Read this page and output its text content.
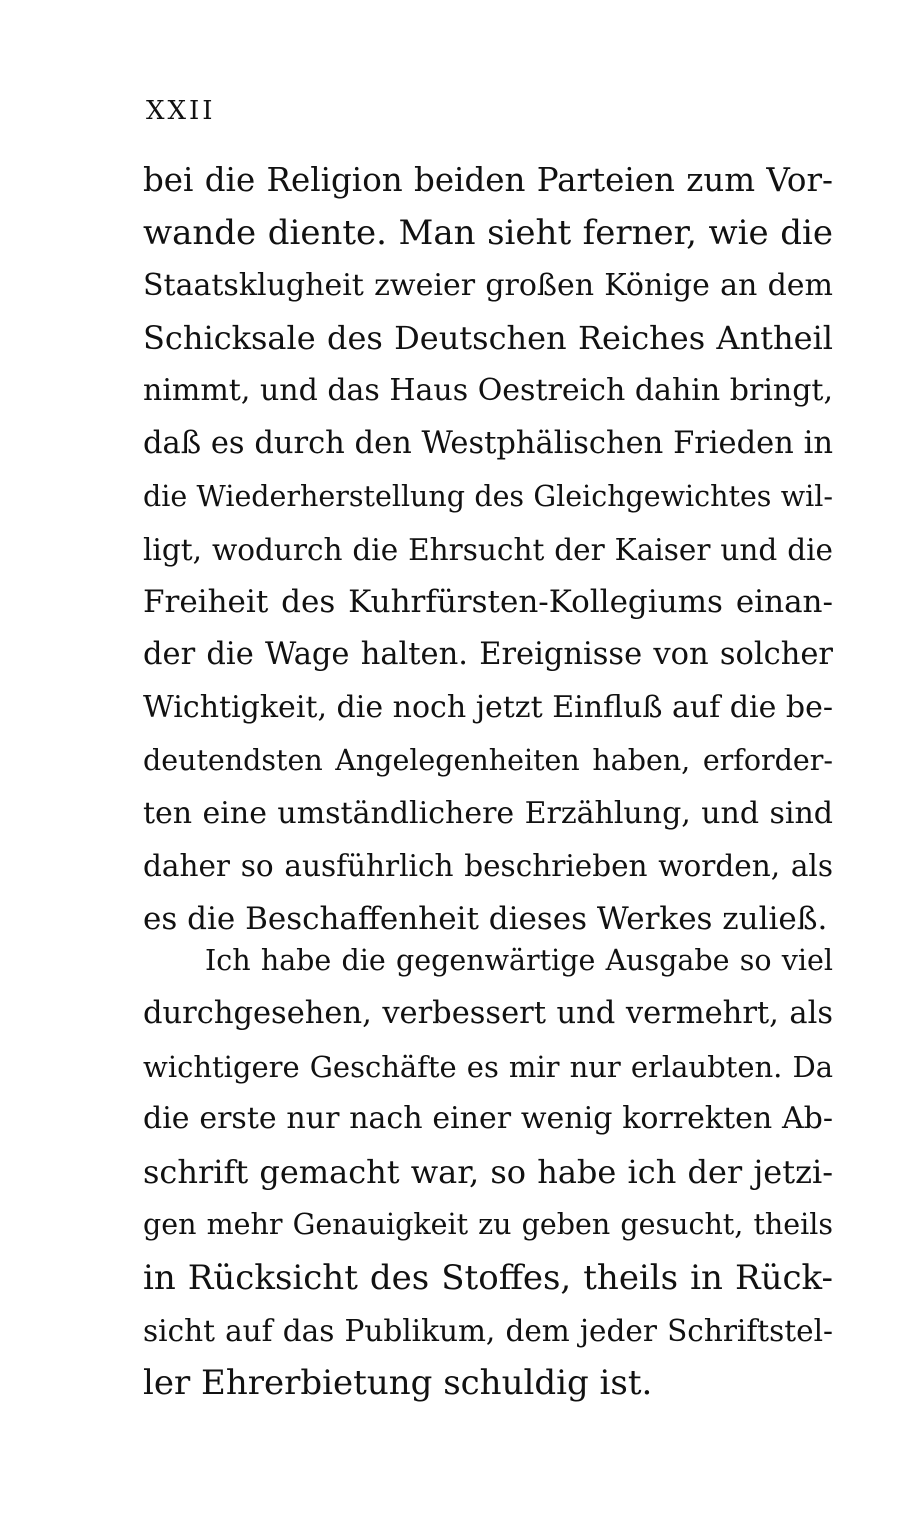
XXII
bei die Religion beiden Parteien zum Vor-
wande diente. Man sieht ferner, wie die
Staatsklugheit zweier großen Könige an dem
Schicksale des Deutschen Reiches Antheil
nimmt, und das Haus Oestreich dahin bringt,
daß es durch den Westphälischen Frieden in
die Wiederherstellung des Gleichgewichtes wil-
ligt, wodurch die Ehrsucht der Kaiser und die
Freiheit des Kuhrfürsten-Kollegiums einan-
der die Wage halten. Ereignisse von solcher
Wichtigkeit, die noch jetzt Einfluß auf die be-
deutendsten Angelegenheiten haben, erforder-
ten eine umständlichere Erzählung, und sind
daher so ausführlich beschrieben worden, als
es die Beschaffenheit dieses Werkes zuließ.
Ich habe die gegenwärtige Ausgabe so viel
durchgesehen, verbessert und vermehrt, als
wichtigere Geschäfte es mir nur erlaubten. Da
die erste nur nach einer wenig korrekten Ab-
schrift gemacht war, so habe ich der jetzi-
gen mehr Genauigkeit zu geben gesucht, theils
in Rücksicht des Stoffes, theils in Rück-
sicht auf das Publikum, dem jeder Schriftstel-
ler Ehrerbietung schuldig ist.
